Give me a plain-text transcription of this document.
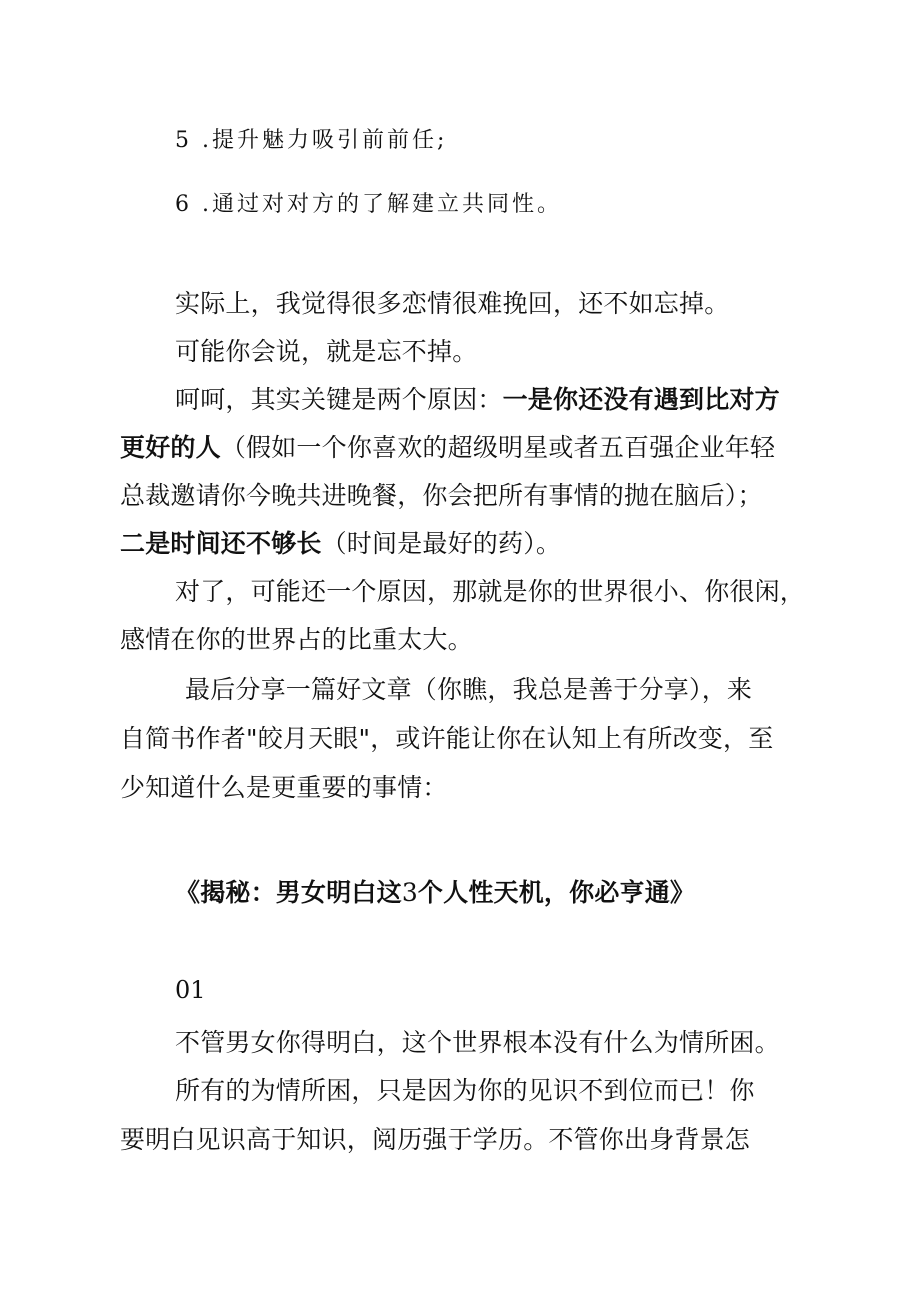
5 .提升魅力吸引前前任;
6 .通过对对方的了解建立共同性。
实际上，我觉得很多恋情很难挽回，还不如忘掉。
可能你会说，就是忘不掉。
呵呵，其实关键是两个原因：一是你还没有遇到比对方
更好的人（假如一个你喜欢的超级明星或者五百强企业年轻
总裁邀请你今晚共进晚餐，你会把所有事情的抛在脑后）；
二是时间还不够长（时间是最好的药）。
对了，可能还一个原因，那就是你的世界很小、你很闲，
感情在你的世界占的比重太大。
最后分享一篇好文章（你瞧，我总是善于分享），来
自简书作者"皎月天眼"，或许能让你在认知上有所改变，至
少知道什么是更重要的事情：
《揭秘：男女明白这3个人性天机，你必亨通》
01
不管男女你得明白，这个世界根本没有什么为情所困。
所有的为情所困，只是因为你的见识不到位而已！你
要明白见识高于知识，阅历强于学历。不管你出身背景怎
